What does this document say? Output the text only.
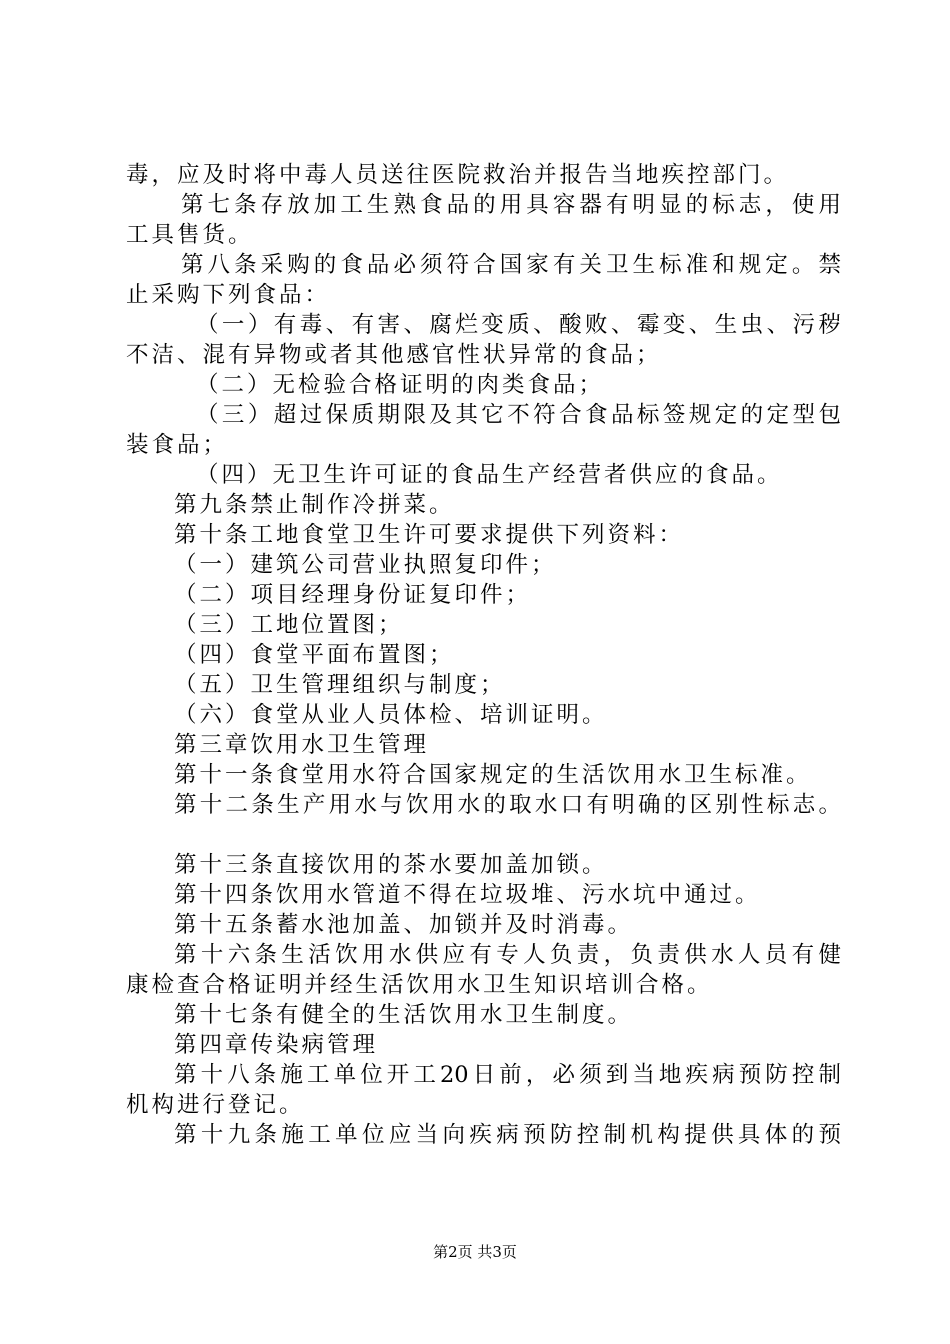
毒，应及时将中毒人员送往医院救治并报告当地疾控部门。
第七条存放加工生熟食品的用具容器有明显的标志，使用
工具售货。
第八条采购的食品必须符合国家有关卫生标准和规定。禁
止采购下列食品：
（一）有毒、有害、腐烂变质、酸败、霉变、生虫、污秽
不洁、混有异物或者其他感官性状异常的食品；
（二）无检验合格证明的肉类食品；
（三）超过保质期限及其它不符合食品标签规定的定型包
装食品；
（四）无卫生许可证的食品生产经营者供应的食品。
第九条禁止制作冷拼菜。
第十条工地食堂卫生许可要求提供下列资料：
（一）建筑公司营业执照复印件；
（二）项目经理身份证复印件；
（三）工地位置图；
（四）食堂平面布置图；
（五）卫生管理组织与制度；
（六）食堂从业人员体检、培训证明。
第三章饮用水卫生管理
第十一条食堂用水符合国家规定的生活饮用水卫生标准。
第十二条生产用水与饮用水的取水口有明确的区别性标志。
第十三条直接饮用的茶水要加盖加锁。
第十四条饮用水管道不得在垃圾堆、污水坑中通过。
第十五条蓄水池加盖、加锁并及时消毒。
第十六条生活饮用水供应有专人负责，负责供水人员有健
康检查合格证明并经生活饮用水卫生知识培训合格。
第十七条有健全的生活饮用水卫生制度。
第四章传染病管理
第十八条施工单位开工20日前，必须到当地疾病预防控制
机构进行登记。
第十九条施工单位应当向疾病预防控制机构提供具体的预
第2页 共3页
